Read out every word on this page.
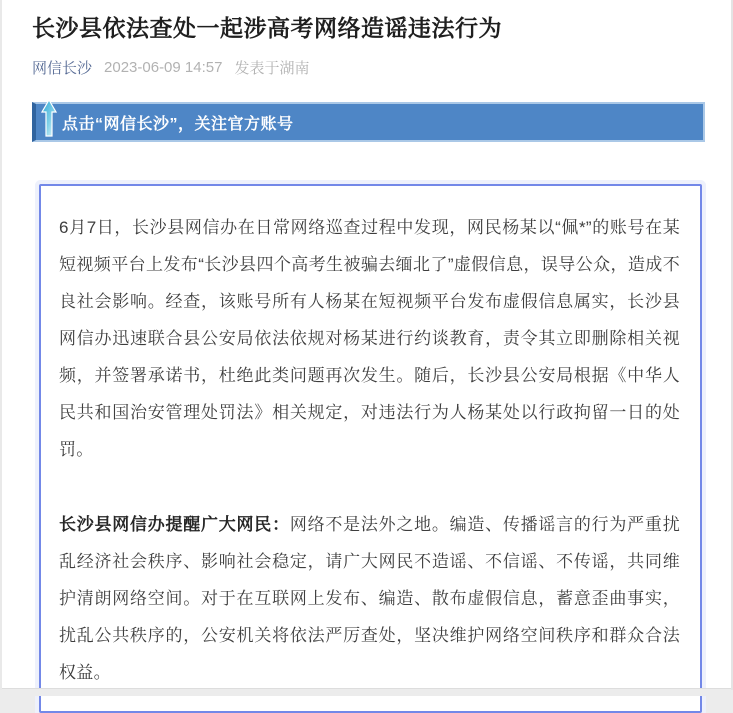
长沙县依法查处一起涉高考网络造谣违法行为
网信长沙 2023-06-09 14:57 发表于湖南
点击“网信长沙”，关注官方账号

6月7日，长沙县网信办在日常网络巡查过程中发现，网民杨某以“佩*”的账号在某短视频平台上发布“长沙县四个高考生被骗去缅北了”虚假信息，误导公众，造成不良社会影响。经查，该账号所有人杨某在短视频平台发布虚假信息属实，长沙县网信办迅速联合县公安局依法依规对杨某进行约谈教育，责令其立即删除相关视频，并签署承诺书，杜绝此类问题再次发生。随后，长沙县公安局根据《中华人民共和国治安管理处罚法》相关规定，对违法行为人杨某处以行政拘留一日的处罚。

长沙县网信办提醒广大网民：网络不是法外之地。编造、传播谣言的行为严重扰乱经济社会秩序、影响社会稳定，请广大网民不造谣、不信谣、不传谣，共同维护清朗网络空间。对于在互联网上发布、编造、散布虚假信息，蓄意歪曲事实，扰乱公共秩序的，公安机关将依法严厉查处，坚决维护网络空间秩序和群众合法权益。
